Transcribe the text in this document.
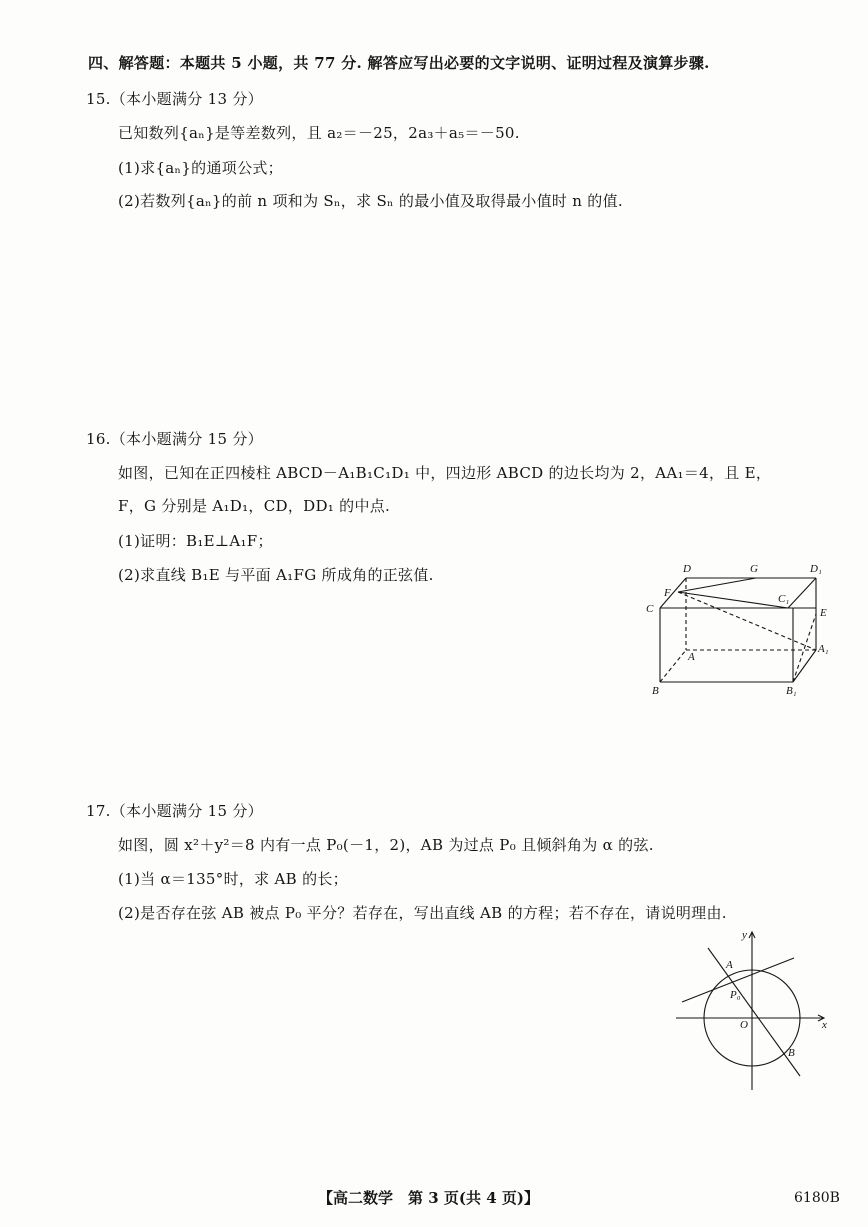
四、解答题：本题共 5 小题，共 77 分. 解答应写出必要的文字说明、证明过程及演算步骤.
15.（本小题满分 13 分）
已知数列{aₙ}是等差数列，且 a₂＝－25，2a₃＋a₅＝－50.
(1)求{aₙ}的通项公式；
(2)若数列{aₙ}的前 n 项和为 Sₙ，求 Sₙ 的最小值及取得最小值时 n 的值.
16.（本小题满分 15 分）
如图，已知在正四棱柱 ABCD－A₁B₁C₁D₁ 中，四边形 ABCD 的边长均为 2，AA₁＝4，且 E，
F，G 分别是 A₁D₁，CD，DD₁ 的中点.
(1)证明：B₁E⊥A₁F；
(2)求直线 B₁E 与平面 A₁FG 所成角的正弦值.	D	G	D₁
F
C
C₁
E
A
A₁
B	B₁
17.（本小题满分 15 分）
如图，圆 x²＋y²＝8 内有一点 P₀(－1，2)，AB 为过点 P₀ 且倾斜角为 α 的弦.
(1)当 α＝135°时，求 AB 的长；
(2)是否存在弦 AB 被点 P₀ 平分？若存在，写出直线 AB 的方程；若不存在，请说明理由.
y
x
A
P₀
O
B
【高二数学　第 3 页(共 4 页)】	6180B
